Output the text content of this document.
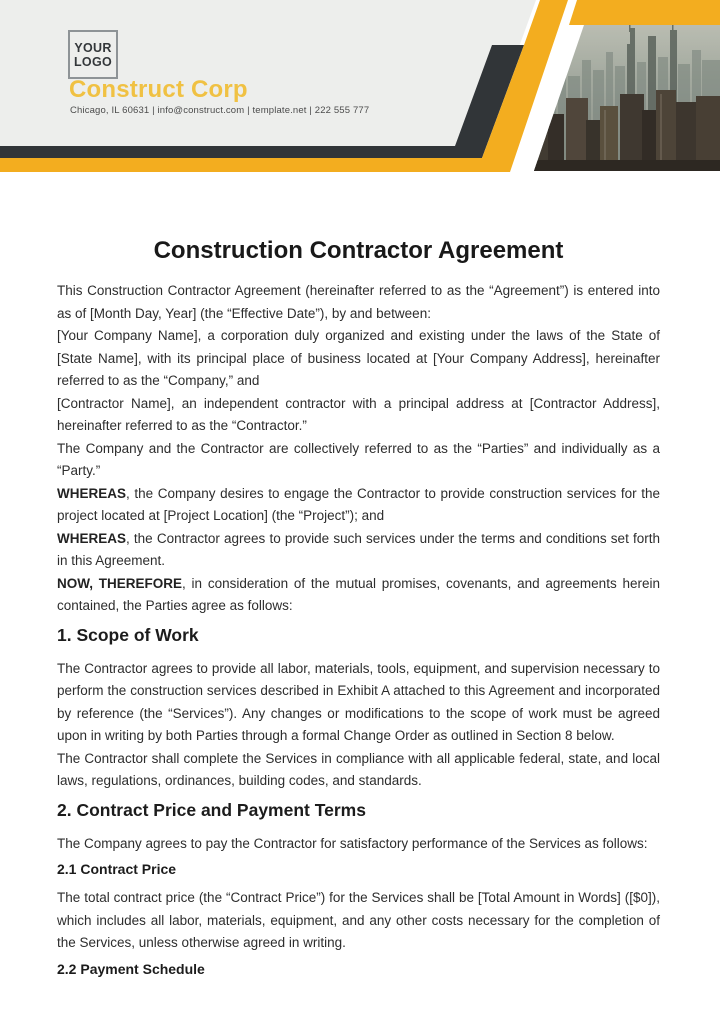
YOUR
LOGO
Construct Corp
Chicago, IL 60631 | info@construct.com | template.net | 222 555 777
Construction Contractor Agreement

This Construction Contractor Agreement (hereinafter referred to as the “Agreement”) is entered into as of [Month Day, Year] (the “Effective Date”), by and between:

[Your Company Name], a corporation duly organized and existing under the laws of the State of [State Name], with its principal place of business located at [Your Company Address], hereinafter referred to as the “Company,” and

[Contractor Name], an independent contractor with a principal address at [Contractor Address], hereinafter referred to as the “Contractor.”

The Company and the Contractor are collectively referred to as the “Parties” and individually as a “Party.”

WHEREAS, the Company desires to engage the Contractor to provide construction services for the project located at [Project Location] (the “Project”); and

WHEREAS, the Contractor agrees to provide such services under the terms and conditions set forth in this Agreement.

NOW, THEREFORE, in consideration of the mutual promises, covenants, and agreements herein contained, the Parties agree as follows:

1. Scope of Work

The Contractor agrees to provide all labor, materials, tools, equipment, and supervision necessary to perform the construction services described in Exhibit A attached to this Agreement and incorporated by reference (the “Services”). Any changes or modifications to the scope of work must be agreed upon in writing by both Parties through a formal Change Order as outlined in Section 8 below.

The Contractor shall complete the Services in compliance with all applicable federal, state, and local laws, regulations, ordinances, building codes, and standards.

2. Contract Price and Payment Terms

The Company agrees to pay the Contractor for satisfactory performance of the Services as follows:

2.1 Contract Price

The total contract price (the “Contract Price”) for the Services shall be [Total Amount in Words] ([$0]), which includes all labor, materials, equipment, and any other costs necessary for the completion of the Services, unless otherwise agreed in writing.

2.2 Payment Schedule
